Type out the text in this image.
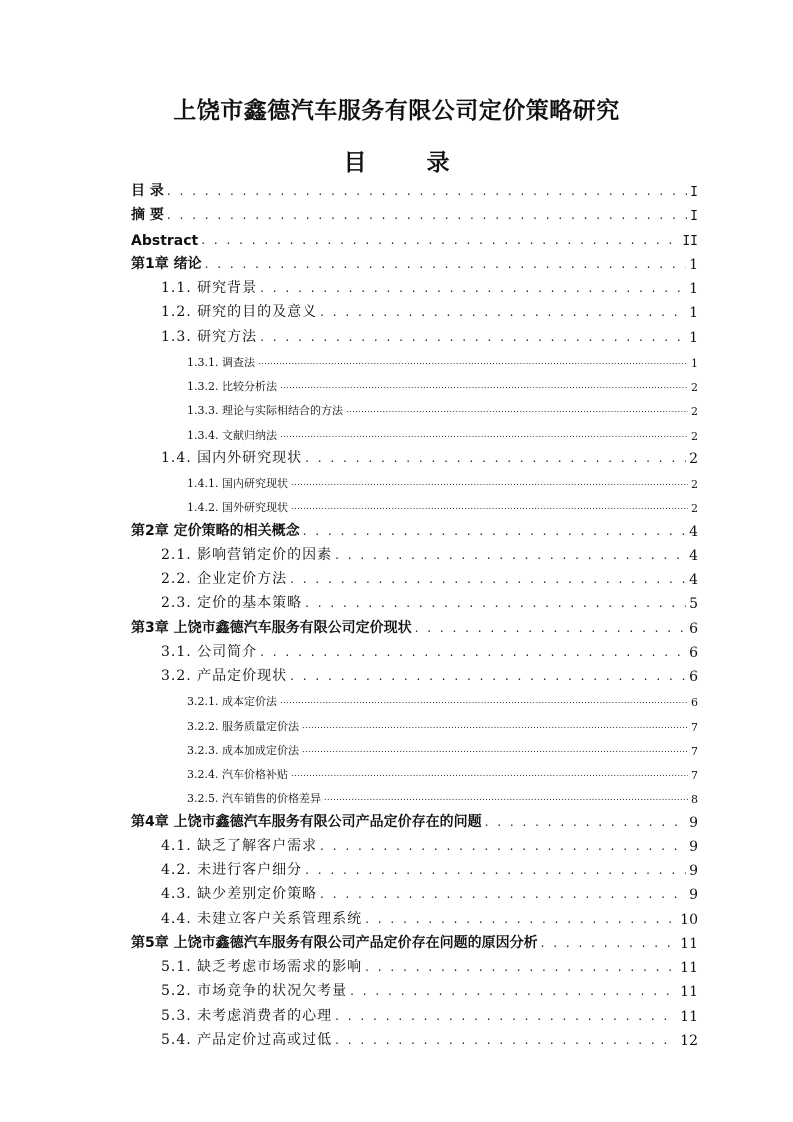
上饶市鑫德汽车服务有限公司定价策略研究
目 录
目 录 . . .	I
摘 要 . . .	I
Abstract . . .	II
第1章 绪论 . . .	1
1.1. 研究背景 . . .	1
1.2. 研究的目的及意义 . . .	1
1.3. 研究方法 . . .	1
1.3.1. 调查法 .....	1
1.3.2. 比较分析法 .....	2
1.3.3. 理论与实际相结合的方法 .....	2
1.3.4. 文献归纳法 .....	2
1.4. 国内外研究现状 . . .	2
1.4.1. 国内研究现状 .....	2
1.4.2. 国外研究现状 .....	2
第2章 定价策略的相关概念 . . .	4
2.1. 影响营销定价的因素 . . .	4
2.2. 企业定价方法 . . .	4
2.3. 定价的基本策略 . . .	5
第3章 上饶市鑫德汽车服务有限公司定价现状 . . .	6
3.1. 公司简介 . . .	6
3.2. 产品定价现状 . . .	6
3.2.1. 成本定价法 .....	6
3.2.2. 服务质量定价法 .....	7
3.2.3. 成本加成定价法 .....	7
3.2.4. 汽车价格补贴 .....	7
3.2.5. 汽车销售的价格差异 .....	8
第4章 上饶市鑫德汽车服务有限公司产品定价存在的问题 . . .	9
4.1. 缺乏了解客户需求 . . .	9
4.2. 未进行客户细分 . . .	9
4.3. 缺少差别定价策略 . . .	9
4.4. 未建立客户关系管理系统 . . .	10
第5章 上饶市鑫德汽车服务有限公司产品定价存在问题的原因分析 . . .	11
5.1. 缺乏考虑市场需求的影响 . . .	11
5.2. 市场竞争的状况欠考量 . . .	11
5.3. 未考虑消费者的心理 . . .	11
5.4. 产品定价过高或过低 . . .	12
